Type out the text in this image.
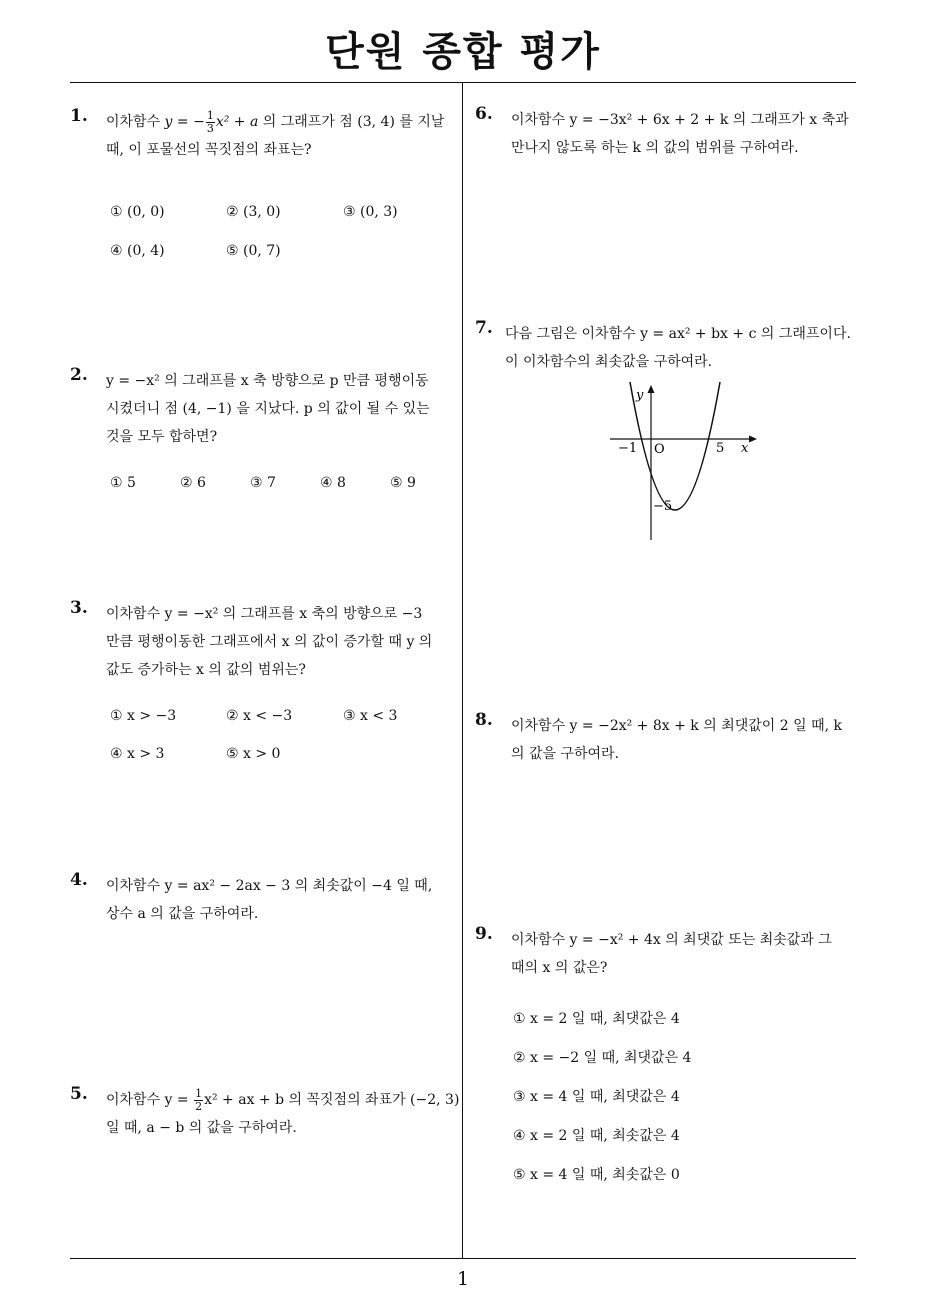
단원 종합 평가
1. 이차함수 y = − $\frac{1}{3} x^2 + a$ 의 그래프가 점 (3, 4) 를 지날
때, 이 포물선의 꼭짓점의 좌표는?
① (0, 0)	② (3, 0)	③ (0, 3)
④ (0, 4)	⑤ (0, 7)
2. y = −x² 의 그래프를 x 축 방향으로 p 만큼 평행이동
시켰더니 점 (4, −1) 을 지났다. p 의 값이 될 수 있는
것을 모두 합하면?
① 5	② 6	③ 7	④ 8	⑤ 9
3. 이차함수 y = −x² 의 그래프를 x 축의 방향으로 −3
만큼 평행이동한 그래프에서 x 의 값이 증가할 때 y 의
값도 증가하는 x 의 값의 범위는?
① x > −3	② x < −3	③ x < 3
④ x > 3	⑤ x > 0
4. 이차함수 y = ax² − 2ax − 3 의 최솟값이 −4 일 때,
상수 a 의 값을 구하여라.
5. 이차함수 $y = \frac{1}{2} x^2$ + ax + b 의 꼭짓점의 좌표가 (−2, 3)
일 때, a − b 의 값을 구하여라.
6. 이차함수 y = −3x² + 6x + 2 + k 의 그래프가 x 축과
만나지 않도록 하는 k 의 값의 범위를 구하여라.
7. 다음 그림은 이차함수 y = ax² + bx + c 의 그래프이다.
이 이차함수의 최솟값을 구하여라.
y
x
O
−1	5
−5
8. 이차함수 y = −2x² + 8x + k 의 최댓값이 2 일 때, k
의 값을 구하여라.
9. 이차함수 y = −x² + 4x 의 최댓값 또는 최솟값과 그
때의 x 의 값은?
① x = 2 일 때, 최댓값은 4
② x = −2 일 때, 최댓값은 4
③ x = 4 일 때, 최댓값은 4
④ x = 2 일 때, 최솟값은 4
⑤ x = 4 일 때, 최솟값은 0
1
